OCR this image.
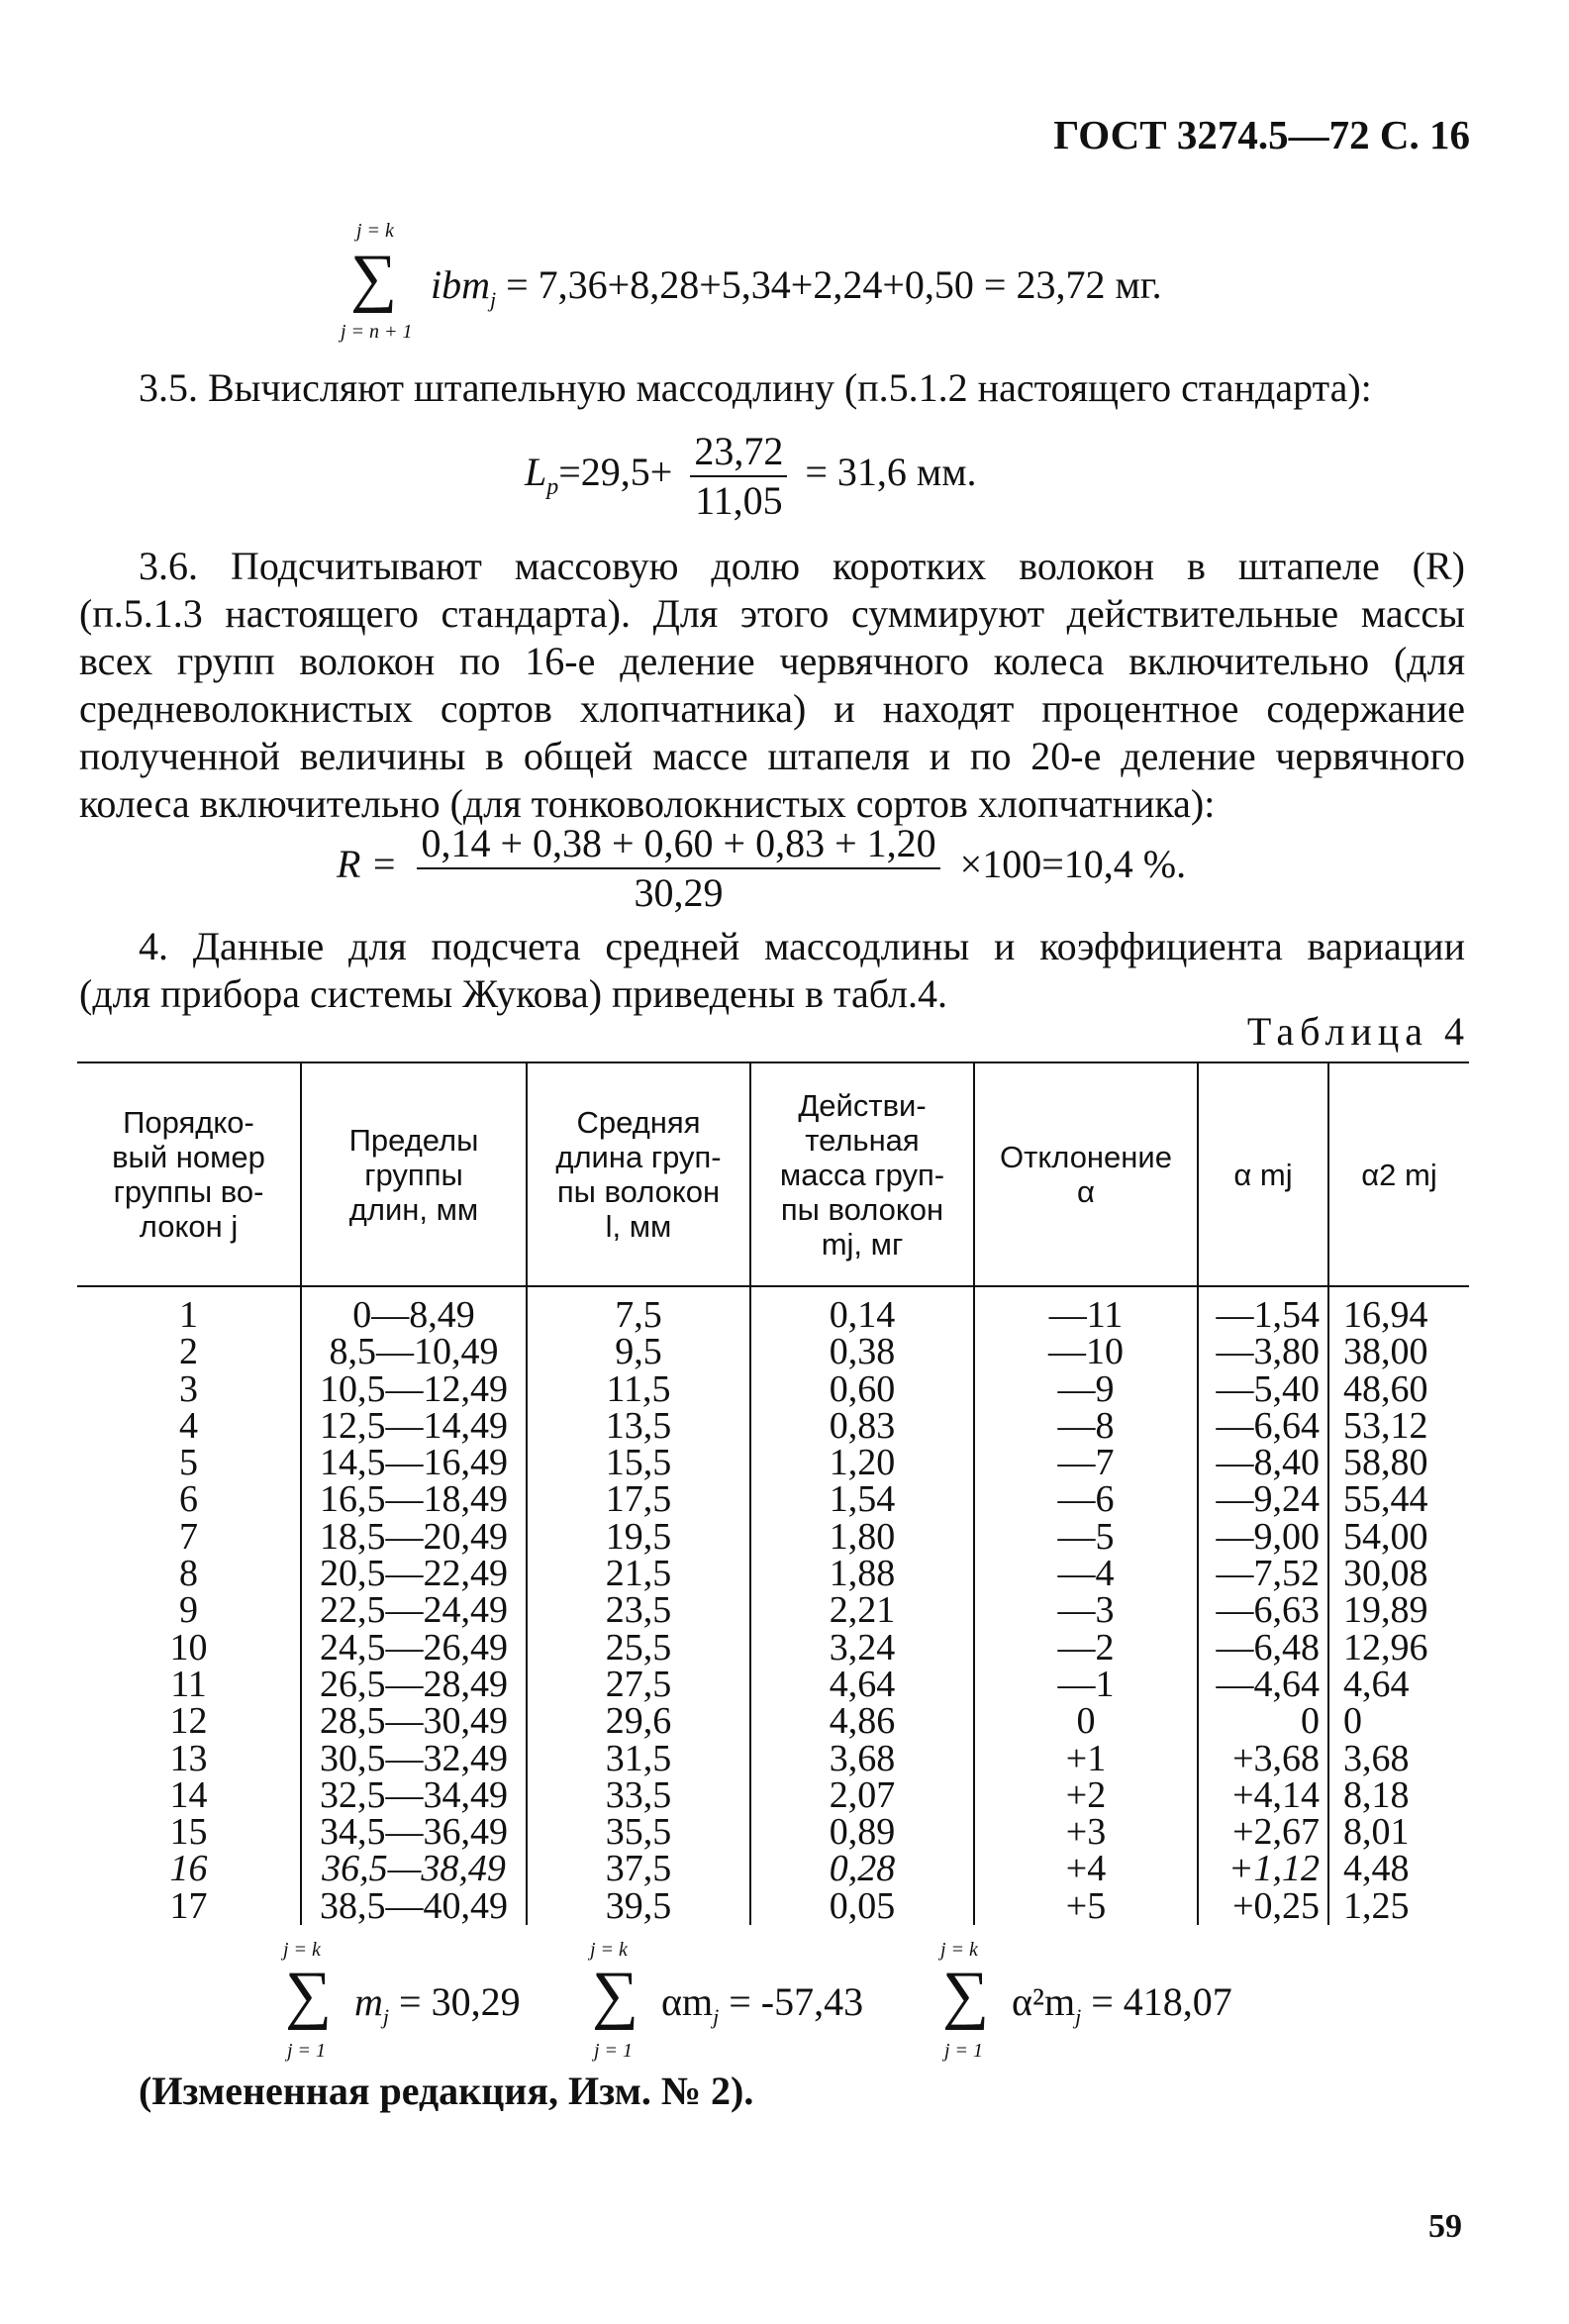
ГОСТ 3274.5—72 С. 16
j = k
∑
j = n + 1
ibm$_j$ = 7,36+8,28+5,34+2,24+0,50 = 23,72 мг.
3.5. Вычисляют штапельную массодлину (п.5.1.2 настоящего стандарта):
$L_p=29,5+ \frac{23,72}{11,05} = 31,6$ мм.
3.6. Подсчитывают массовую долю коротких волокон в штапеле (R)
(п.5.1.3 настоящего стандарта). Для этого суммируют действительные массы
всех групп волокон по 16-е деление червячного колеса включительно (для
средневолокнистых сортов хлопчатника) и находят процентное содержание
полученной величины в общей массе штапеля и по 20-е деление червячного
колеса включительно (для тонковолокнистых сортов хлопчатника):
$R = \frac{0,14 + 0,38 + 0,60 + 0,83 + 1,20}{30,29} \times 100=10,4$ %.
4. Данные для подсчета средней массодлины и коэффициента вариации
(для прибора системы Жукова) приведены в табл.4.
Таблица 4
Порядко-
вый номер
группы во-
локон j	Пределы
группы
длин, мм	Средняя
длина груп-
пы волокон
l, мм	Действи-
тельная
масса груп-
пы волокон
mj, мг	Отклонение
α	α mj	α2 mj
1	0—8,49	7,5	0,14	—11	—1,54	16,94
2	8,5—10,49	9,5	0,38	—10	—3,80	38,00
3	10,5—12,49	11,5	0,60	—9	—5,40	48,60
4	12,5—14,49	13,5	0,83	—8	—6,64	53,12
5	14,5—16,49	15,5	1,20	—7	—8,40	58,80
6	16,5—18,49	17,5	1,54	—6	—9,24	55,44
7	18,5—20,49	19,5	1,80	—5	—9,00	54,00
8	20,5—22,49	21,5	1,88	—4	—7,52	30,08
9	22,5—24,49	23,5	2,21	—3	—6,63	19,89
10	24,5—26,49	25,5	3,24	—2	—6,48	12,96
11	26,5—28,49	27,5	4,64	—1	—4,64	4,64
12	28,5—30,49	29,6	4,86	0	0	0
13	30,5—32,49	31,5	3,68	+1	+3,68	3,68
14	32,5—34,49	33,5	2,07	+2	+4,14	8,18
15	34,5—36,49	35,5	0,89	+3	+2,67	8,01
16	36,5—38,49	37,5	0,28	+4	+1,12	4,48
17	38,5—40,49	39,5	0,05	+5	+0,25	1,25
j = k
∑
j = 1
$m_j = 30,29$
j = k
∑
j = 1
$\alpha m_j = -57,43$
j = k
∑
j = 1
$\alpha^2m_j = 418,07$
(Измененная редакция, Изм. № 2).
59
